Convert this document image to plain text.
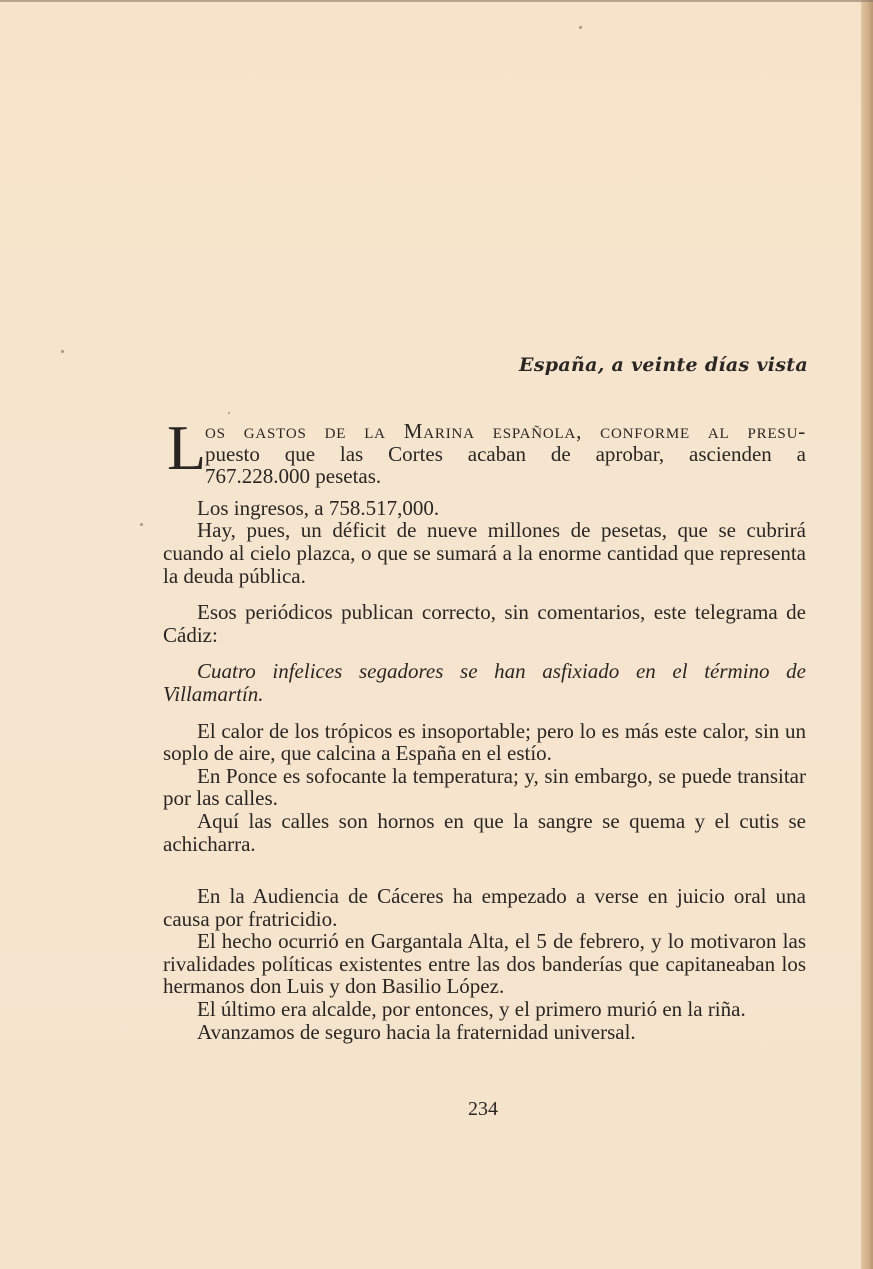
España, a veinte días vista
L
os gastos de la Marina española, conforme al presu-
puesto que las Cortes acaban de aprobar, ascienden a
767.228.000 pesetas.

Los ingresos, a 758.517,000.

Hay, pues, un déficit de nueve millones de pesetas, que se cubrirá cuando al cielo plazca, o que se sumará a la enorme cantidad que representa la deuda pública.

Esos periódicos publican correcto, sin comentarios, este telegrama de Cádiz:

Cuatro infelices segadores se han asfixiado en el término de Villamartín.

El calor de los trópicos es insoportable; pero lo es más este calor, sin un soplo de aire, que calcina a España en el estío.

En Ponce es sofocante la temperatura; y, sin embargo, se puede transitar por las calles.

Aquí las calles son hornos en que la sangre se quema y el cutis se achicharra.

En la Audiencia de Cáceres ha empezado a verse en juicio oral una causa por fratricidio.

El hecho ocurrió en Gargantala Alta, el 5 de febrero, y lo motivaron las rivalidades políticas existentes entre las dos banderías que capitaneaban los hermanos don Luis y don Basilio López.

El último era alcalde, por entonces, y el primero murió en la riña.

Avanzamos de seguro hacia la fraternidad universal.

234
